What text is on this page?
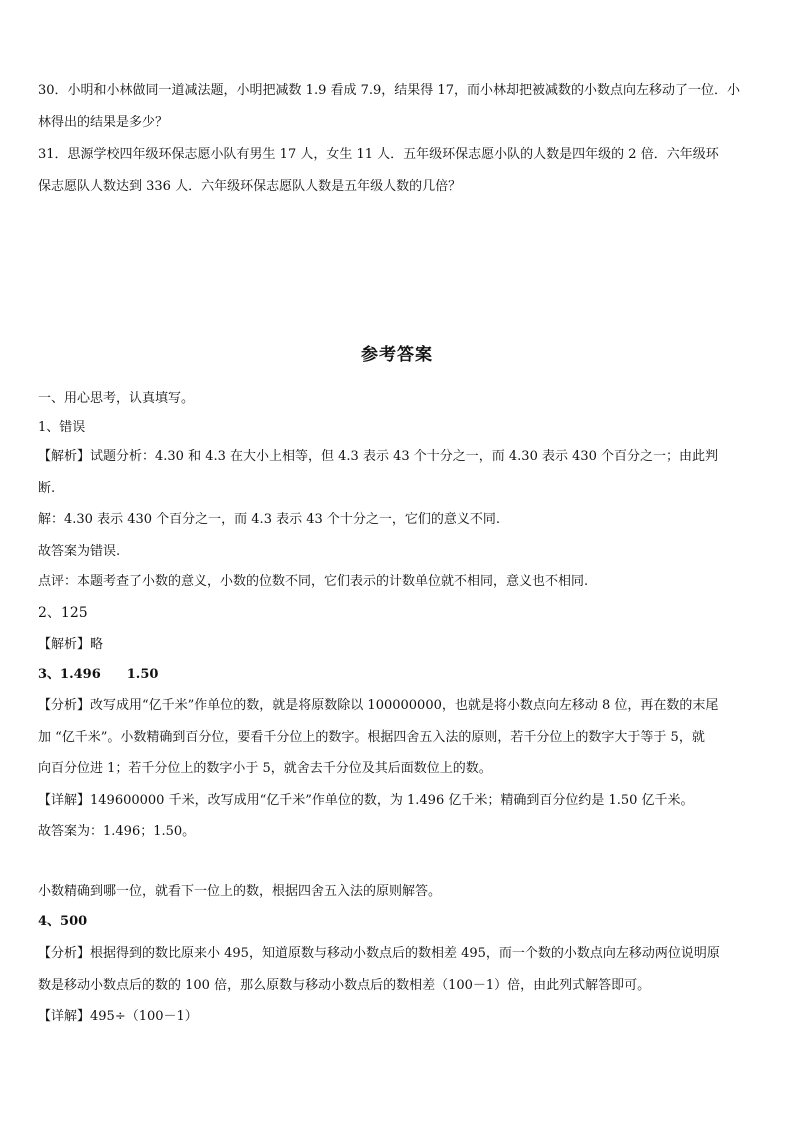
30．小明和小林做同一道减法题，小明把减数 1.9 看成 7.9，结果得 17，而小林却把被减数的小数点向左移动了一位．小
林得出的结果是多少？
31．思源学校四年级环保志愿小队有男生 17 人，女生 11 人．五年级环保志愿小队的人数是四年级的 2 倍．六年级环
保志愿队人数达到 336 人．六年级环保志愿队人数是五年级人数的几倍？
参考答案
一、用心思考，认真填写。
1、错误
【解析】试题分析：4.30 和 4.3 在大小上相等，但 4.3 表示 43 个十分之一，而 4.30 表示 430 个百分之一；由此判
断.
解：4.30 表示 430 个百分之一，而 4.3 表示 43 个十分之一，它们的意义不同.
故答案为错误.
点评：本题考查了小数的意义，小数的位数不同，它们表示的计数单位就不相同，意义也不相同.
2、125
【解析】略
3、1.496　　1.50
【分析】改写成用“亿千米”作单位的数，就是将原数除以 100000000，也就是将小数点向左移动 8 位，再在数的末尾
加 “亿千米”。小数精确到百分位，要看千分位上的数字。根据四舍五入法的原则，若千分位上的数字大于等于 5，就
向百分位进 1；若千分位上的数字小于 5，就舍去千分位及其后面数位上的数。
【详解】149600000 千米，改写成用“亿千米”作单位的数，为 1.496 亿千米；精确到百分位约是 1.50 亿千米。
故答案为：1.496；1.50。
小数精确到哪一位，就看下一位上的数，根据四舍五入法的原则解答。
4、500
【分析】根据得到的数比原来小 495，知道原数与移动小数点后的数相差 495，而一个数的小数点向左移动两位说明原
数是移动小数点后的数的 100 倍，那么原数与移动小数点后的数相差（100－1）倍，由此列式解答即可。
【详解】495÷（100－1）
